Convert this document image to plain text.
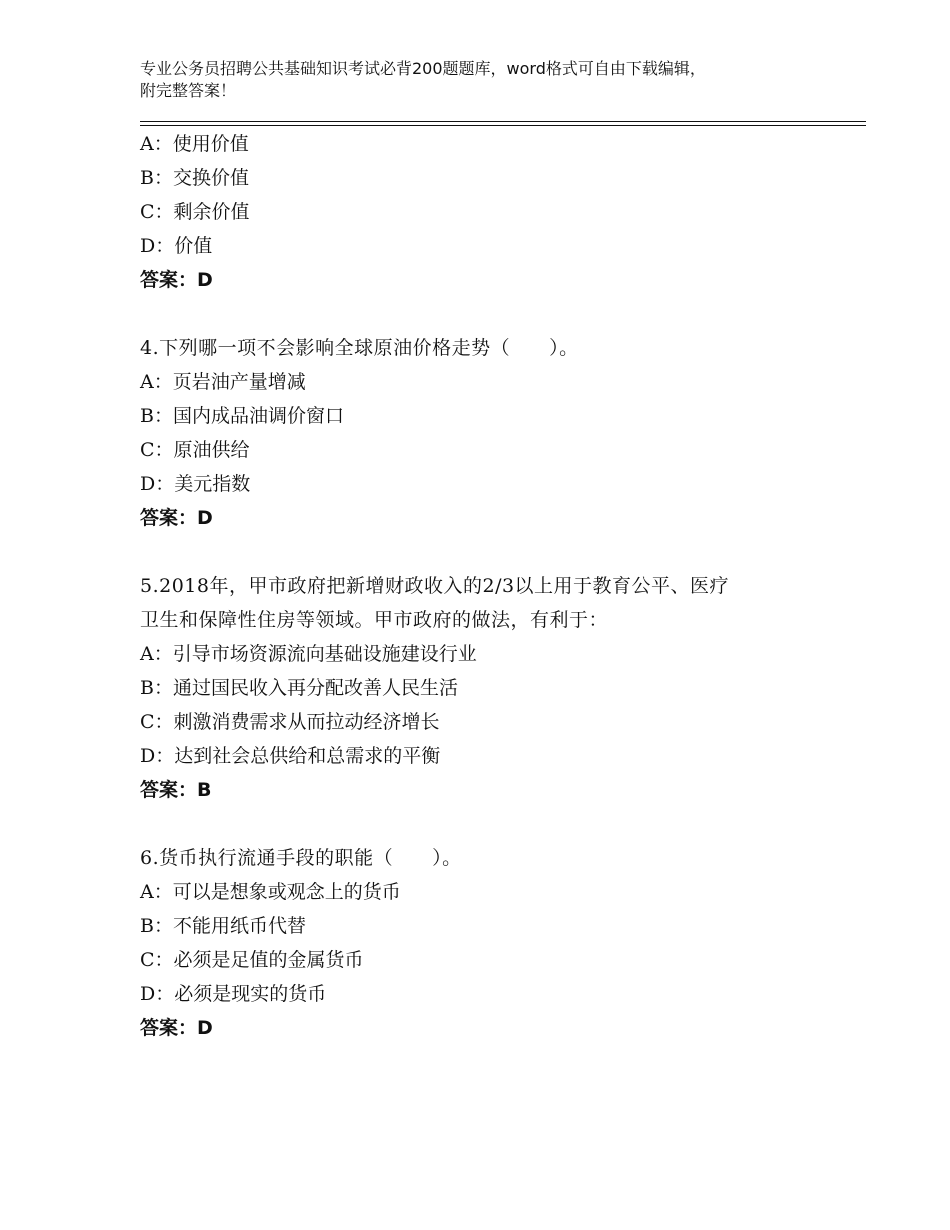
专业公务员招聘公共基础知识考试必背200题题库，word格式可自由下载编辑，
附完整答案！
A：使用价值
B：交换价值
C：剩余价值
D：价值
答案：D
4.下列哪一项不会影响全球原油价格走势（　　）。
A：页岩油产量增减
B：国内成品油调价窗口
C：原油供给
D：美元指数
答案：D
5.2018年，甲市政府把新增财政收入的2/3以上用于教育公平、医疗
卫生和保障性住房等领域。甲市政府的做法，有利于：
A：引导市场资源流向基础设施建设行业
B：通过国民收入再分配改善人民生活
C：刺激消费需求从而拉动经济增长
D：达到社会总供给和总需求的平衡
答案：B
6.货币执行流通手段的职能（　　）。
A：可以是想象或观念上的货币
B：不能用纸币代替
C：必须是足值的金属货币
D：必须是现实的货币
答案：D
